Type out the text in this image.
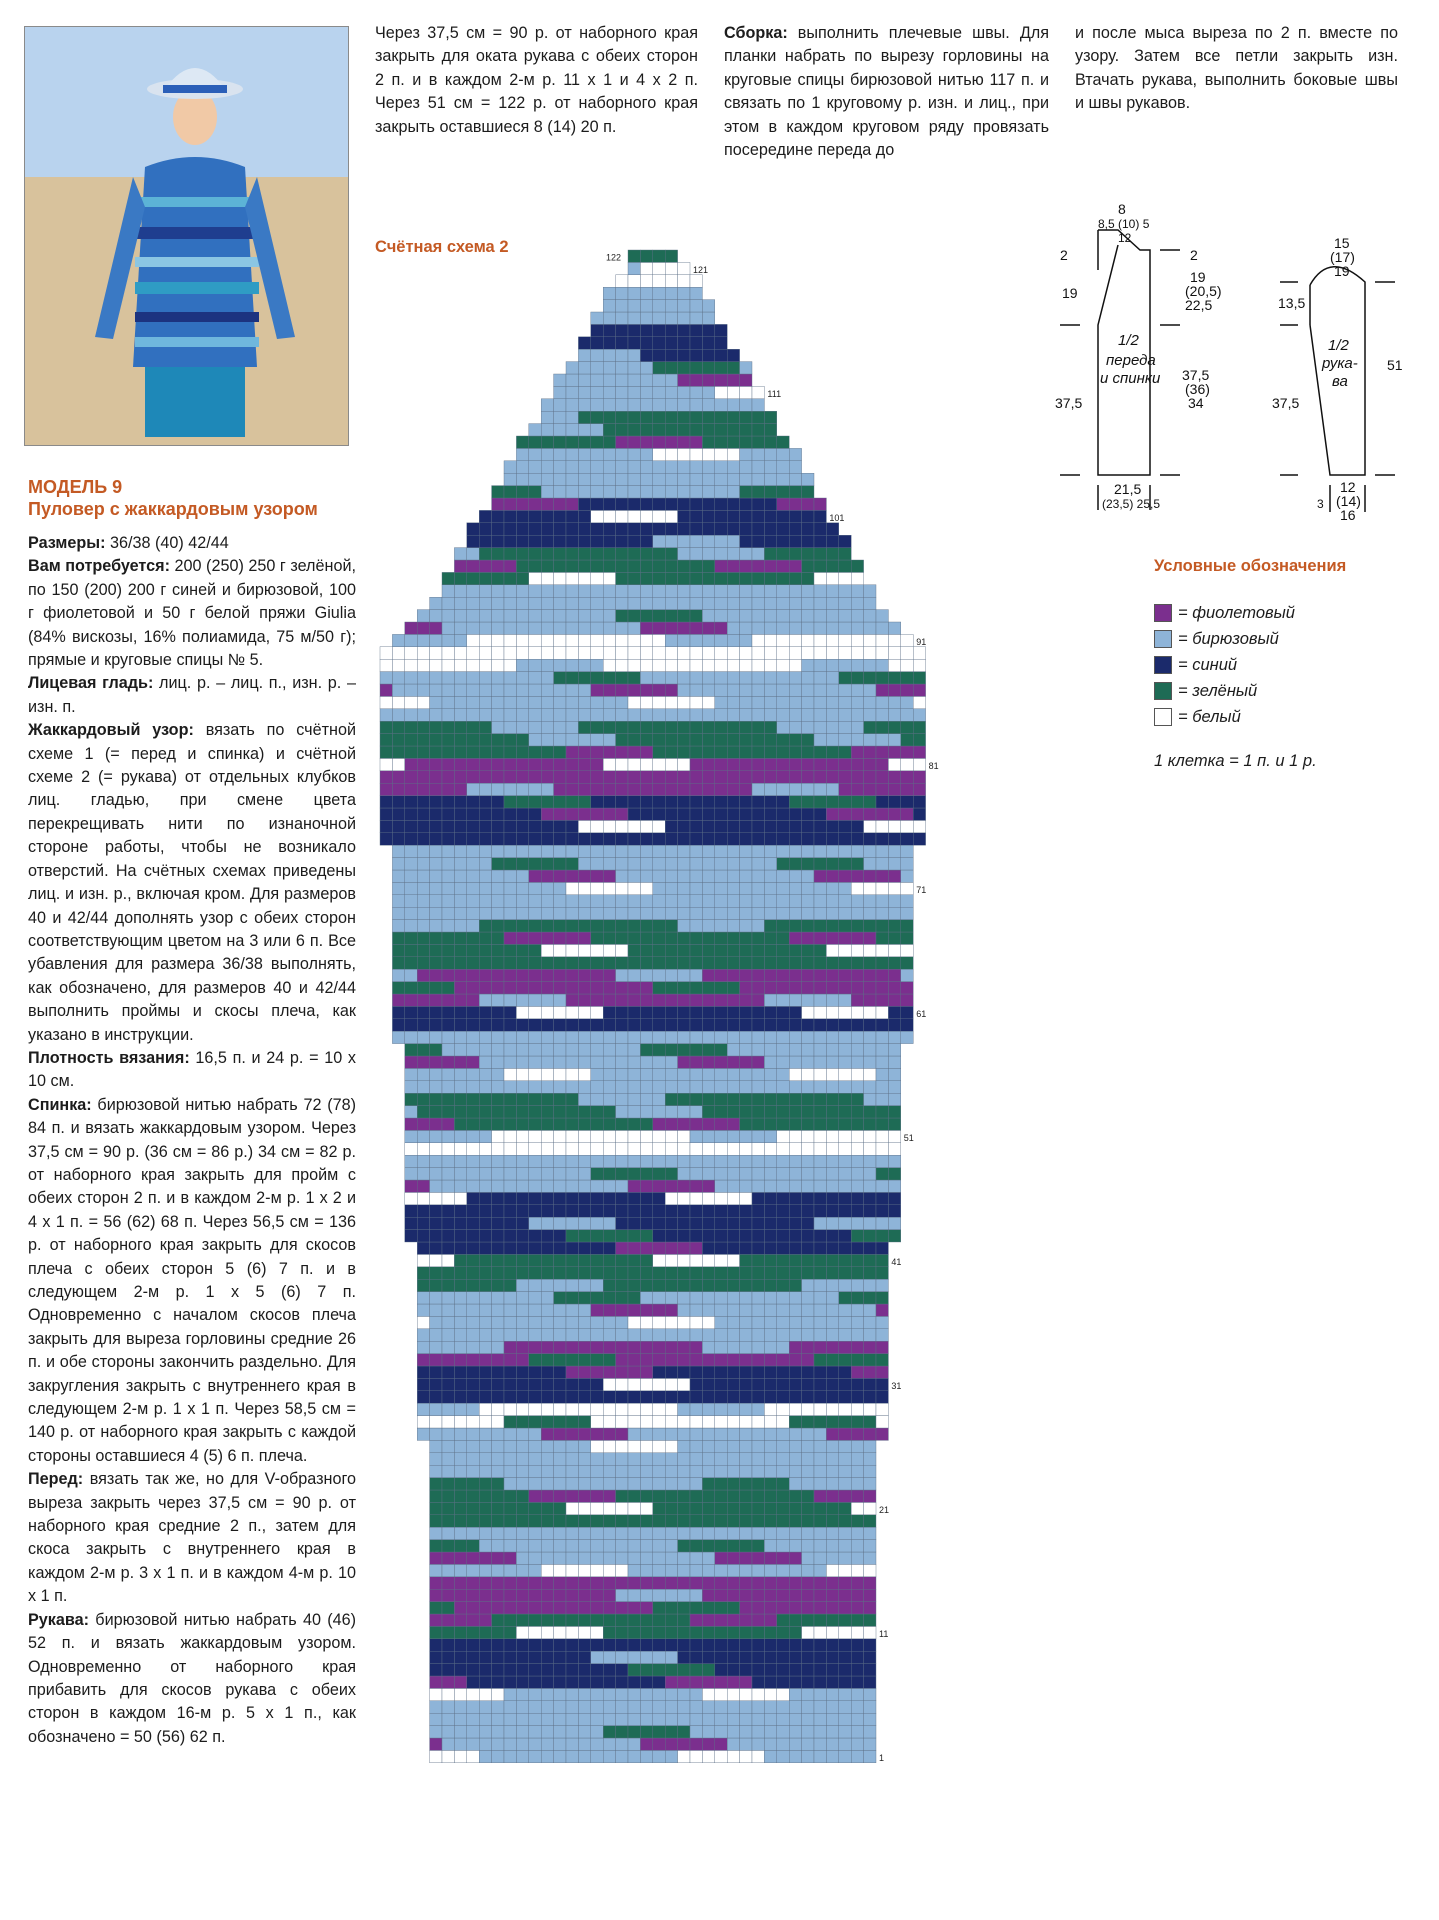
МОДЕЛЬ 9
Пуловер с жаккардовым узором

Размеры: 36/38 (40) 42/44

Вам потребуется: 200 (250) 250 г зелёной, по 150 (200) 200 г синей и бирюзовой, 100 г фиолетовой и 50 г белой пряжи Giulia (84% вискозы, 16% полиамида, 75 м/50 г); прямые и круговые спицы № 5.

Лицевая гладь: лиц. р. – лиц. п., изн. р. – изн. п.

Жаккардовый узор: вязать по счётной схеме 1 (= перед и спинка) и счётной схеме 2 (= рукава) от отдельных клубков лиц. гладью, при смене цвета перекрещивать нити по изнаночной стороне работы, чтобы не возникало отверстий. На счётных схемах приведены лиц. и изн. р., включая кром. Для размеров 40 и 42/44 дополнять узор с обеих сторон соответствующим цветом на 3 или 6 п. Все убавления для размера 36/38 выполнять, как обозначено, для размеров 40 и 42/44 выполнить проймы и скосы плеча, как указано в инструкции.

Плотность вязания: 16,5 п. и 24 р. = 10 х 10 см.

Спинка: бирюзовой нитью набрать 72 (78) 84 п. и вязать жаккардовым узором. Через 37,5 см = 90 р. (36 см = 86 р.) 34 см = 82 р. от наборного края закрыть для пройм с обеих сторон 2 п. и в каждом 2-м р. 1 х 2 и 4 х 1 п. = 56 (62) 68 п. Через 56,5 см = 136 р. от наборного края закрыть для скосов плеча с обеих сторон 5 (6) 7 п. и в следующем 2-м р. 1 х 5 (6) 7 п. Одновременно с началом скосов плеча закрыть для выреза горловины средние 26 п. и обе стороны закончить раздельно. Для закругления закрыть с внутреннего края в следующем 2-м р. 1 х 1 п. Через 58,5 см = 140 р. от наборного края закрыть с каждой стороны оставшиеся 4 (5) 6 п. плеча.

Перед: вязать так же, но для V-образного выреза закрыть через 37,5 см = 90 р. от наборного края средние 2 п., затем для скоса закрыть с внутреннего края в каждом 2-м р. 3 х 1 п. и в каждом 4-м р. 10 х 1 п.

Рукава: бирюзовой нитью набрать 40 (46) 52 п. и вязать жаккардовым узором. Одновременно от наборного края прибавить для скосов рукава с обеих сторон в каждом 16-м р. 5 х 1 п., как обозначено = 50 (56) 62 п.

Через 37,5 см = 90 р. от наборного края закрыть для оката рукава с обеих сторон 2 п. и в каждом 2-м р. 11 х 1 и 4 х 2 п. Через 51 см = 122 р. от наборного края закрыть оставшиеся 8 (14) 20 п.

Сборка: выполнить плечевые швы. Для планки набрать по вырезу горловины на круговые спицы бирюзовой нитью 117 п. и связать по 1 круговому р. изн. и лиц., при этом в каждом круговом ряду провязать посередине переда до

и после мыса выреза по 2 п. вместе по узору. Затем все петли закрыть изн. Втачать рукава, выполнить боковые швы и швы рукавов.

Счётная схема 2
1
11
21
31
41
51
61
71
81
91
101
111
121
122
8
8,5 (10) 5
12
2	2
19
19
(20,5)
22,5
1/2
переда
и спинки
37,5
37,5
(36)
34
21,5
(23,5) 25,5
15
(17)
19
13,5
51
1/2
рука-
ва
37,5
12
(14)
16
3
Условные обозначения
= фиолетовый
= бирюзовый
= синий
= зелёный
= белый
1 клетка = 1 п. и 1 р.
